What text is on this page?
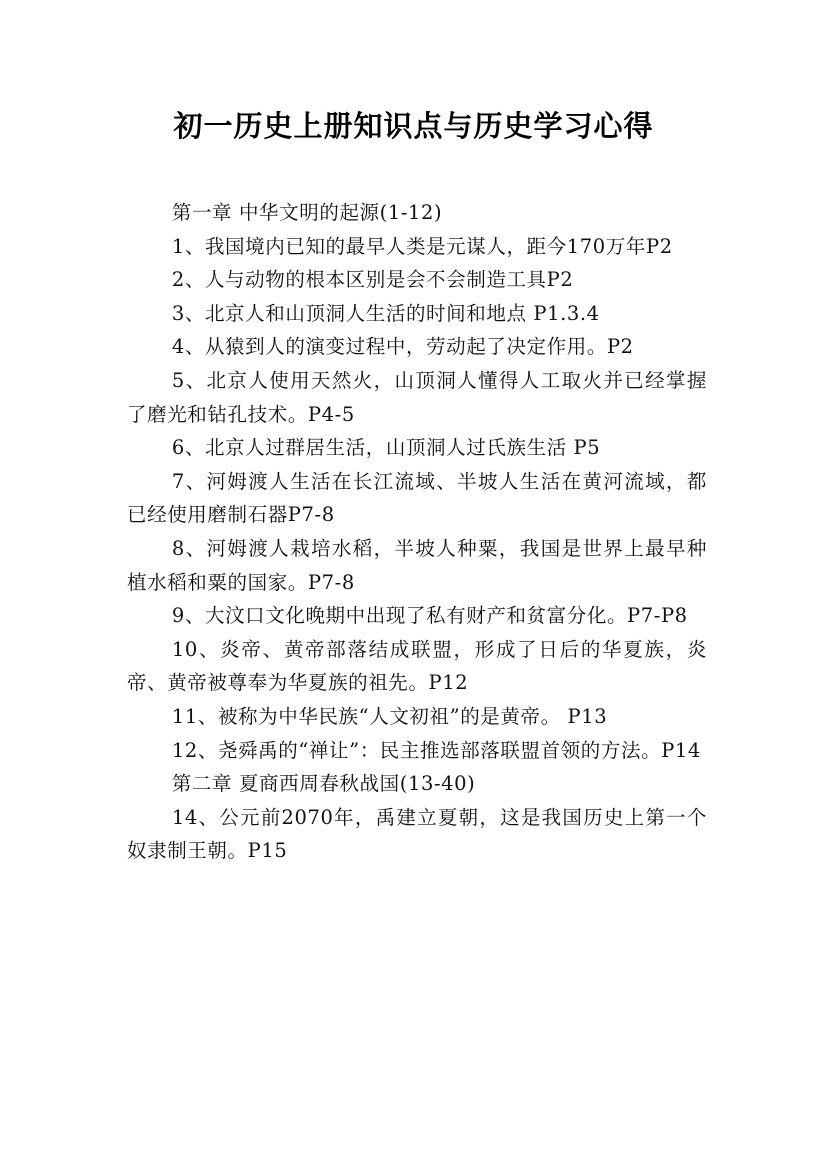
初一历史上册知识点与历史学习心得

第一章 中华文明的起源(1-12)

1、我国境内已知的最早人类是元谋人，距今170万年P2

2、人与动物的根本区别是会不会制造工具P2

3、北京人和山顶洞人生活的时间和地点 P1.3.4

4、从猿到人的演变过程中，劳动起了决定作用。P2

5、北京人使用天然火，山顶洞人懂得人工取火并已经掌握了磨光和钻孔技术。P4-5

6、北京人过群居生活，山顶洞人过氏族生活 P5

7、河姆渡人生活在长江流域、半坡人生活在黄河流域，都已经使用磨制石器P7-8

8、河姆渡人栽培水稻，半坡人种粟，我国是世界上最早种植水稻和粟的国家。P7-8

9、大汶口文化晚期中出现了私有财产和贫富分化。P7-P8

10、炎帝、黄帝部落结成联盟，形成了日后的华夏族，炎帝、黄帝被尊奉为华夏族的祖先。P12

11、被称为中华民族“人文初祖”的是黄帝。 P13

12、尧舜禹的“禅让”：民主推选部落联盟首领的方法。P14

第二章 夏商西周春秋战国(13-40)

14、公元前2070年，禹建立夏朝，这是我国历史上第一个奴隶制王朝。P15
